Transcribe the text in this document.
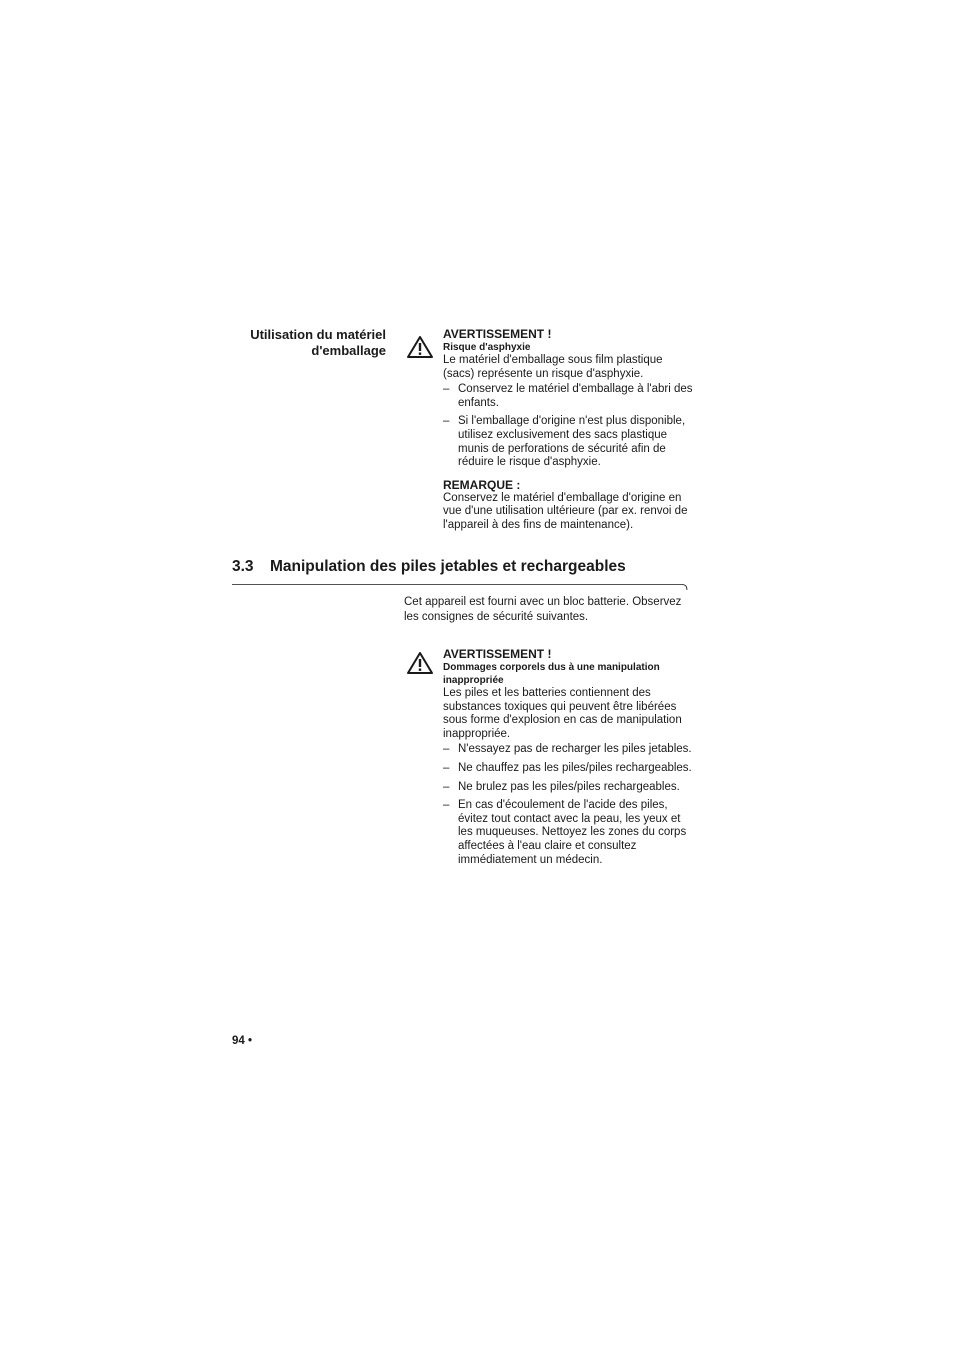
Utilisation du matériel
d'emballage
AVERTISSEMENT !
Risque d'asphyxie

Le matériel d'emballage sous film plastique (sacs) représente un risque d'asphyxie.

– Conservez le matériel d'emballage à l'abri des enfants.
– Si l'emballage d'origine n'est plus disponible, utilisez exclusivement des sacs plastique munis de perforations de sécurité afin de réduire le risque d'asphyxie.
REMARQUE :

Conservez le matériel d'emballage d'origine en vue d'une utilisation ultérieure (par ex. renvoi de l'appareil à des fins de maintenance).

3.3 Manipulation des piles jetables et rechargeables
Cet appareil est fourni avec un bloc batterie. Observez les consignes de sécurité suivantes.
AVERTISSEMENT !
Dommages corporels dus à une manipulation inappropriée

Les piles et les batteries contiennent des substances toxiques qui peuvent être libérées sous forme d'explosion en cas de manipulation inappropriée.

– N'essayez pas de recharger les piles jetables.
– Ne chauffez pas les piles/piles rechargeables.
– Ne brulez pas les piles/piles rechargeables.
– En cas d'écoulement de l'acide des piles, évitez tout contact avec la peau, les yeux et les muqueuses. Nettoyez les zones du corps affectées à l'eau claire et consultez immédiatement un médecin.
94 •
